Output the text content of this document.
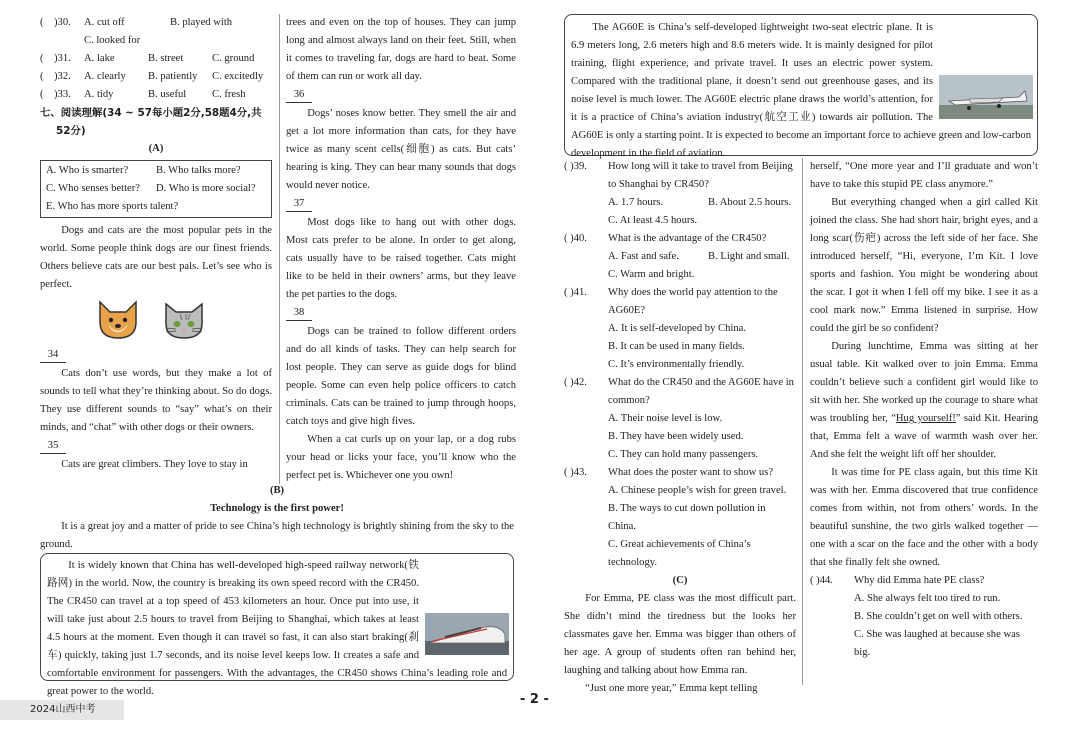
( )30.	A. cut off	B. played with
C. looked for
( )31.	A. lake	B. street	C. ground
( )32.	A. clearly	B. patiently	C. excitedly
( )33.	A. tidy	B. useful	C. fresh
七、阅读理解(34 ~ 57每小题2分,58题4分,共
52分)
(A)
A. Who is smarter?	B. Who talks more?
C. Who senses better?	D. Who is more social?
E. Who has more sports talent?

Dogs and cats are the most popular pets in the world. Some people think dogs are our finest friends. Others believe cats are our best pals. Let’s see who is perfect.

34

Cats don’t use words, but they make a lot of sounds to tell what they’re thinking about. So do dogs. They use different sounds to “say” what’s on their minds, and “chat” with other dogs or their owners.

35

Cats are great climbers. They love to stay in

trees and even on the top of houses. They can jump long and almost always land on their feet. Still, when it comes to traveling far, dogs are hard to beat. Some of them can run or work all day.

36

Dogs’ noses know better. They smell the air and get a lot more information than cats, for they have twice as many scent cells(细胞) as cats. But cats’ hearing is king. They can hear many sounds that dogs would never notice.

37

Most dogs like to hang out with other dogs. Most cats prefer to be alone. In order to get along, cats usually have to be raised together. Cats might like to be held in their owners’ arms, but they leave the pet parties to the dogs.

38

Dogs can be trained to follow different orders and do all kinds of tasks. They can help search for lost people. They can serve as guide dogs for blind people. Some can even help police officers to catch criminals. Cats can be trained to jump through hoops, catch toys and give high fives.

When a cat curls up on your lap, or a dog rubs your head or licks your face, you’ll know who the perfect pet is. Whichever one you own!

(B)
Technology is the first power!

It is a great joy and a matter of pride to see China’s high technology is brightly shining from the sky to the ground.

It is widely known that China has well-developed high-speed railway network(铁路网) in the world. Now, the country is breaking its own speed record with the CR450. The CR450 can travel at a top speed of 453 kilometers an hour. Once put into use, it will take just about 2.5 hours to travel from Beijing to Shanghai, which takes at least 4.5 hours at the moment. Even though it can travel so fast, it can also start braking(刹车) quickly, taking just 1.7 seconds, and its noise level keeps low. It creates a safe and comfortable environment for passengers. With the advantages, the CR450 shows China’s leading role and great power to the world.

The AG60E is China’s self-developed lightweight two-seat electric plane. It is 6.9 meters long, 2.6 meters high and 8.6 meters wide. It is mainly designed for pilot training, flight experience, and private travel. It uses an electric power system. Compared with the traditional plane, it doesn’t send out greenhouse gases, and its noise level is much lower. The AG60E electric plane draws the world’s attention, for it is a practice of China’s aviation industry(航空工业) towards air pollution. The AG60E is only a starting point. It is expected to become an important force to achieve green and low-carbon development in the field of aviation.

( )39.	How long will it take to travel from Beijing to Shanghai by CR450?
A. 1.7 hours.	B. About 2.5 hours.
C. At least 4.5 hours.
( )40.	What is the advantage of the CR450?
A. Fast and safe.	B. Light and small.
C. Warm and bright.
( )41.	Why does the world pay attention to the AG60E?
A. It is self-developed by China.
B. It can be used in many fields.
C. It’s environmentally friendly.
( )42.	What do the CR450 and the AG60E have in common?
A. Their noise level is low.
B. They have been widely used.
C. They can hold many passengers.
( )43.	What does the poster want to show us?
A. Chinese people’s wish for green travel.
B. The ways to cut down pollution in China.
C. Great achievements of China’s technology.
(C)

For Emma, PE class was the most difficult part. She didn’t mind the tiredness but the looks her classmates gave her. Emma was bigger than others of her age. A group of students often ran behind her, laughing and talking about how Emma ran.

“Just one more year,” Emma kept telling

herself, “One more year and I’ll graduate and won’t have to take this stupid PE class anymore.”

But everything changed when a girl called Kit joined the class. She had short hair, bright eyes, and a long scar(伤疤) across the left side of her face. She introduced herself, “Hi, everyone, I’m Kit. I love sports and fashion. You might be wondering about the scar. I got it when I fell off my bike. I see it as a cool mark now.” Emma listened in surprise. How could the girl be so confident?

During lunchtime, Emma was sitting at her usual table. Kit walked over to join Emma. Emma couldn’t believe such a confident girl would like to sit with her. She worked up the courage to share what was troubling her, “Hug yourself!” said Kit. Hearing that, Emma felt a wave of warmth wash over her. And she felt the weight lift off her shoulder.

It was time for PE class again, but this time Kit was with her. Emma discovered that true confidence comes from within, not from others’ words. In the beautiful sunshine, the two girls walked together — one with a scar on the face and the other with a body that she finally felt she owned.

( )44.	Why did Emma hate PE class?
A. She always felt too tired to run.
B. She couldn’t get on well with others.
C. She was laughed at because she was big.
2024山西中考
- 2 -
